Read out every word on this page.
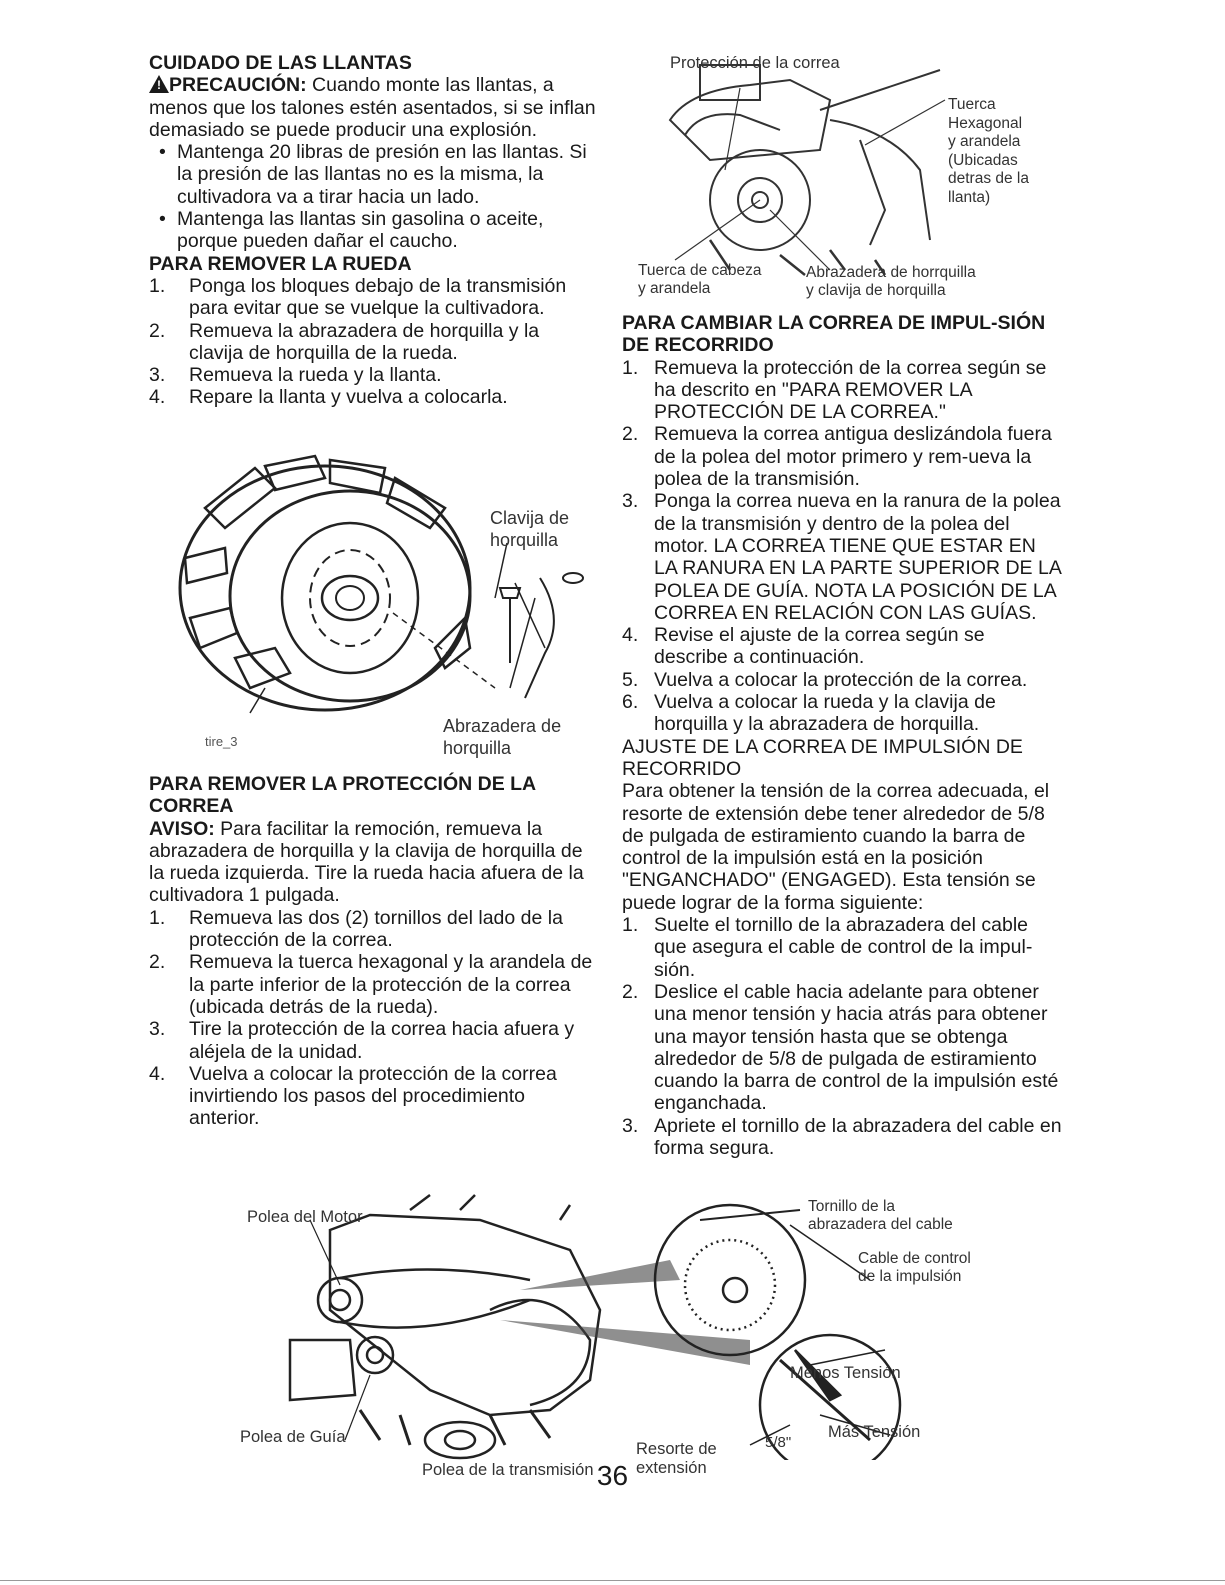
CUIDADO DE LAS LLANTAS

!PRECAUCIÓN: Cuando monte las llantas, a menos que los talones estén asentados, si se inflan demasiado se puede producir una explosión.

• Mantenga 20 libras de presión en las llantas. Si la presión de las llantas no es la misma, la cultivadora va a tirar hacia un lado.
• Mantenga las llantas sin gasolina o aceite, porque pueden dañar el caucho.
PARA REMOVER LA RUEDA
1. Ponga los bloques debajo de la transmisión para evitar que se vuelque la cultivadora.
2. Remueva la abrazadera de horquilla y la clavija de horquilla de la rueda.
3. Remueva la rueda y la llanta.
4. Repare la llanta y vuelva a colocarla.
Clavija de
horquilla
Abrazadera de
horquilla
tire_3
PARA REMOVER LA PROTECCIÓN DE LA CORREA

AVISO: Para facilitar la remoción, remueva la abrazadera de horquilla y la clavija de horquilla de la rueda izquierda. Tire la rueda hacia afuera de la cultivadora 1 pulgada.

1. Remueva las dos (2) tornillos del lado de la protección de la correa.
2. Remueva la tuerca hexagonal y la arandela de la parte inferior de la protección de la correa (ubicada detrás de la rueda).
3. Tire la protección de la correa hacia afuera y aléjela de la unidad.
4. Vuelva a colocar la protección de la correa invirtiendo los pasos del procedimiento anterior.
Protección de la correa
Tuerca
Hexagonal
y arandela
(Ubicadas
detras de la
llanta)
Tuerca de cabeza
y arandela
Abrazadera de horrquilla
y clavija de horquilla
PARA CAMBIAR LA CORREA DE IMPUL-SIÓN DE RECORRIDO
1. Remueva la protección de la correa según se ha descrito en "PARA REMOVER LA PROTECCIÓN DE LA CORREA."
2. Remueva la correa antigua deslizándola fuera de la polea del motor primero y rem-ueva la polea de la transmisión.
3. Ponga la correa nueva en la ranura de la polea de la transmisión y dentro de la polea del motor. LA CORREA TIENE QUE ESTAR EN LA RANURA EN LA PARTE SUPERIOR DE LA POLEA DE GUÍA. NOTA LA POSICIÓN DE LA CORREA EN RELACIÓN CON LAS GUÍAS.
4. Revise el ajuste de la correa según se describe a continuación.
5. Vuelva a colocar la protección de la correa.
6. Vuelva a colocar la rueda y la clavija de horquilla y la abrazadera de horquilla.

AJUSTE DE LA CORREA DE IMPULSIÓN DE RECORRIDO

Para obtener la tensión de la correa adecuada, el resorte de extensión debe tener alrededor de 5/8 de pulgada de estiramiento cuando la barra de control de la impulsión está en la posición "ENGANCHADO" (ENGAGED). Esta tensión se puede lograr de la forma siguiente:

1. Suelte el tornillo de la abrazadera del cable que asegura el cable de control de la impul-sión.
2. Deslice el cable hacia adelante para obtener una menor tensión y hacia atrás para obtener una mayor tensión hasta que se obtenga alrededor de 5/8 de pulgada de estiramiento cuando la barra de control de la impulsión esté enganchada.
3. Apriete el tornillo de la abrazadera del cable en forma segura.
Polea del Motor
Polea de Guía
Polea de la transmisión
Tornillo de la
abrazadera del cable
Cable de control
de la impulsión
Menos Tensión
Más Tensión
5/8"
Resorte de
extensión
36
